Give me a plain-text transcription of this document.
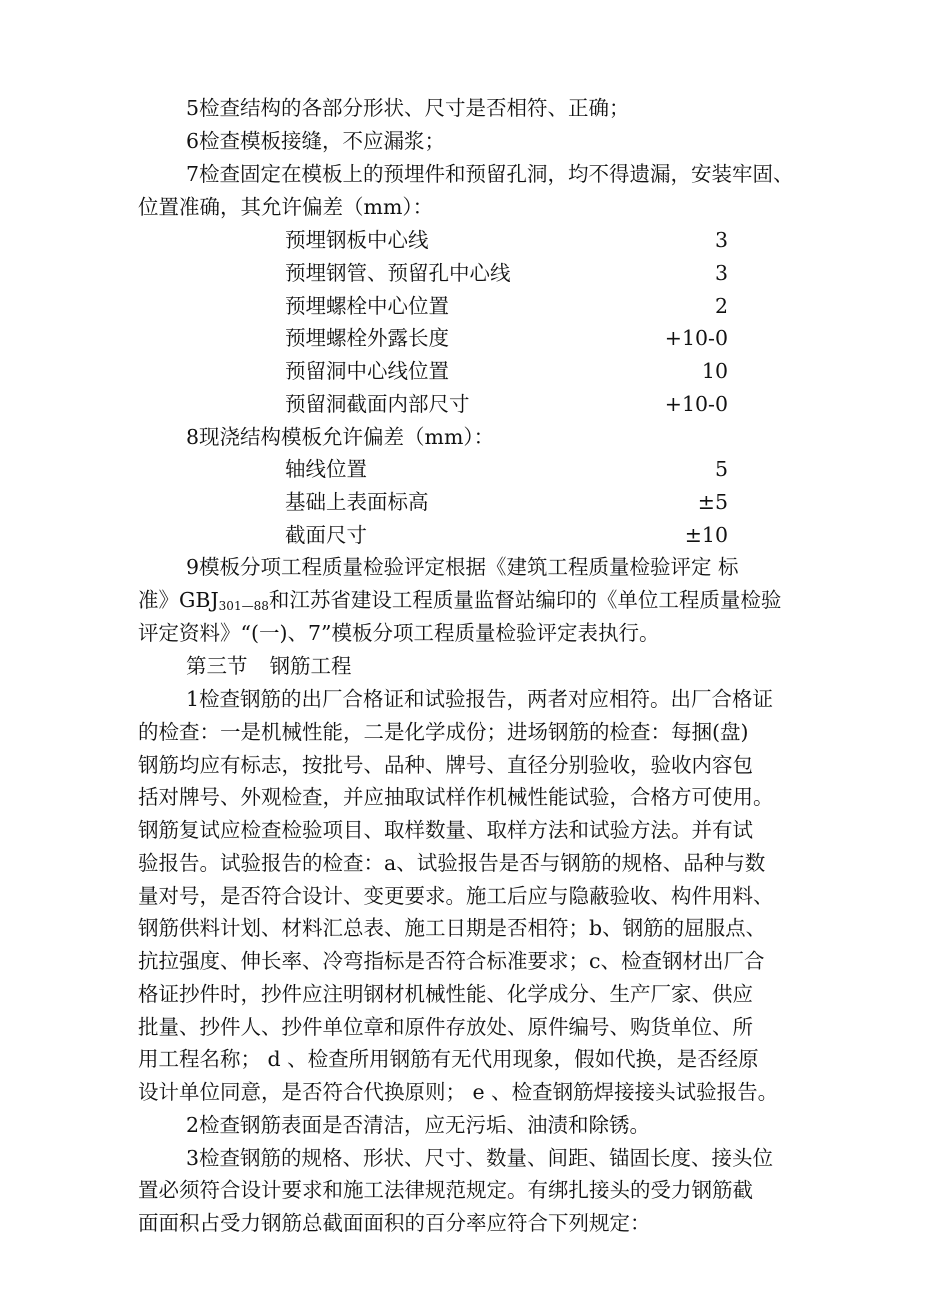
5检查结构的各部分形状、尺寸是否相符、正确；
6检查模板接缝，不应漏浆；
7检查固定在模板上的预埋件和预留孔洞，均不得遗漏，安装牢固、
位置准确，其允许偏差（mm）：
预埋钢板中心线	3
预埋钢管、预留孔中心线	3
预埋螺栓中心位置	2
预埋螺栓外露长度	+10-0
预留洞中心线位置	10
预留洞截面内部尺寸	+10-0
8现浇结构模板允许偏差（mm）：
轴线位置	5
基础上表面标高	±5
截面尺寸	±10
9模板分项工程质量检验评定根据《建筑工程质量检验评定 标
准》$GBJ_{301—88}$和江苏省建设工程质量监督站编印的《单位工程质量检验
评定资料》“(一)、7”模板分项工程质量检验评定表执行。
第三节 钢筋工程
1检查钢筋的出厂合格证和试验报告，两者对应相符。出厂合格证
的检查：一是机械性能，二是化学成份；进场钢筋的检查：每捆(盘)
钢筋均应有标志，按批号、品种、牌号、直径分别验收，验收内容包
括对牌号、外观检查，并应抽取试样作机械性能试验，合格方可使用。
钢筋复试应检查检验项目、取样数量、取样方法和试验方法。并有试
验报告。试验报告的检查：a、试验报告是否与钢筋的规格、品种与数
量对号，是否符合设计、变更要求。施工后应与隐蔽验收、构件用料、
钢筋供料计划、材料汇总表、施工日期是否相符；b、钢筋的屈服点、
抗拉强度、伸长率、冷弯指标是否符合标准要求；c、检查钢材出厂合
格证抄件时，抄件应注明钢材机械性能、化学成分、生产厂家、供应
批量、抄件人、抄件单位章和原件存放处、原件编号、购货单位、所
用工程名称； d 、检查所用钢筋有无代用现象，假如代换，是否经原
设计单位同意，是否符合代换原则； e 、检查钢筋焊接接头试验报告。
2检查钢筋表面是否清洁，应无污垢、油渍和除锈。
3检查钢筋的规格、形状、尺寸、数量、间距、锚固长度、接头位
置必须符合设计要求和施工法律规范规定。有绑扎接头的受力钢筋截
面面积占受力钢筋总截面面积的百分率应符合下列规定：
